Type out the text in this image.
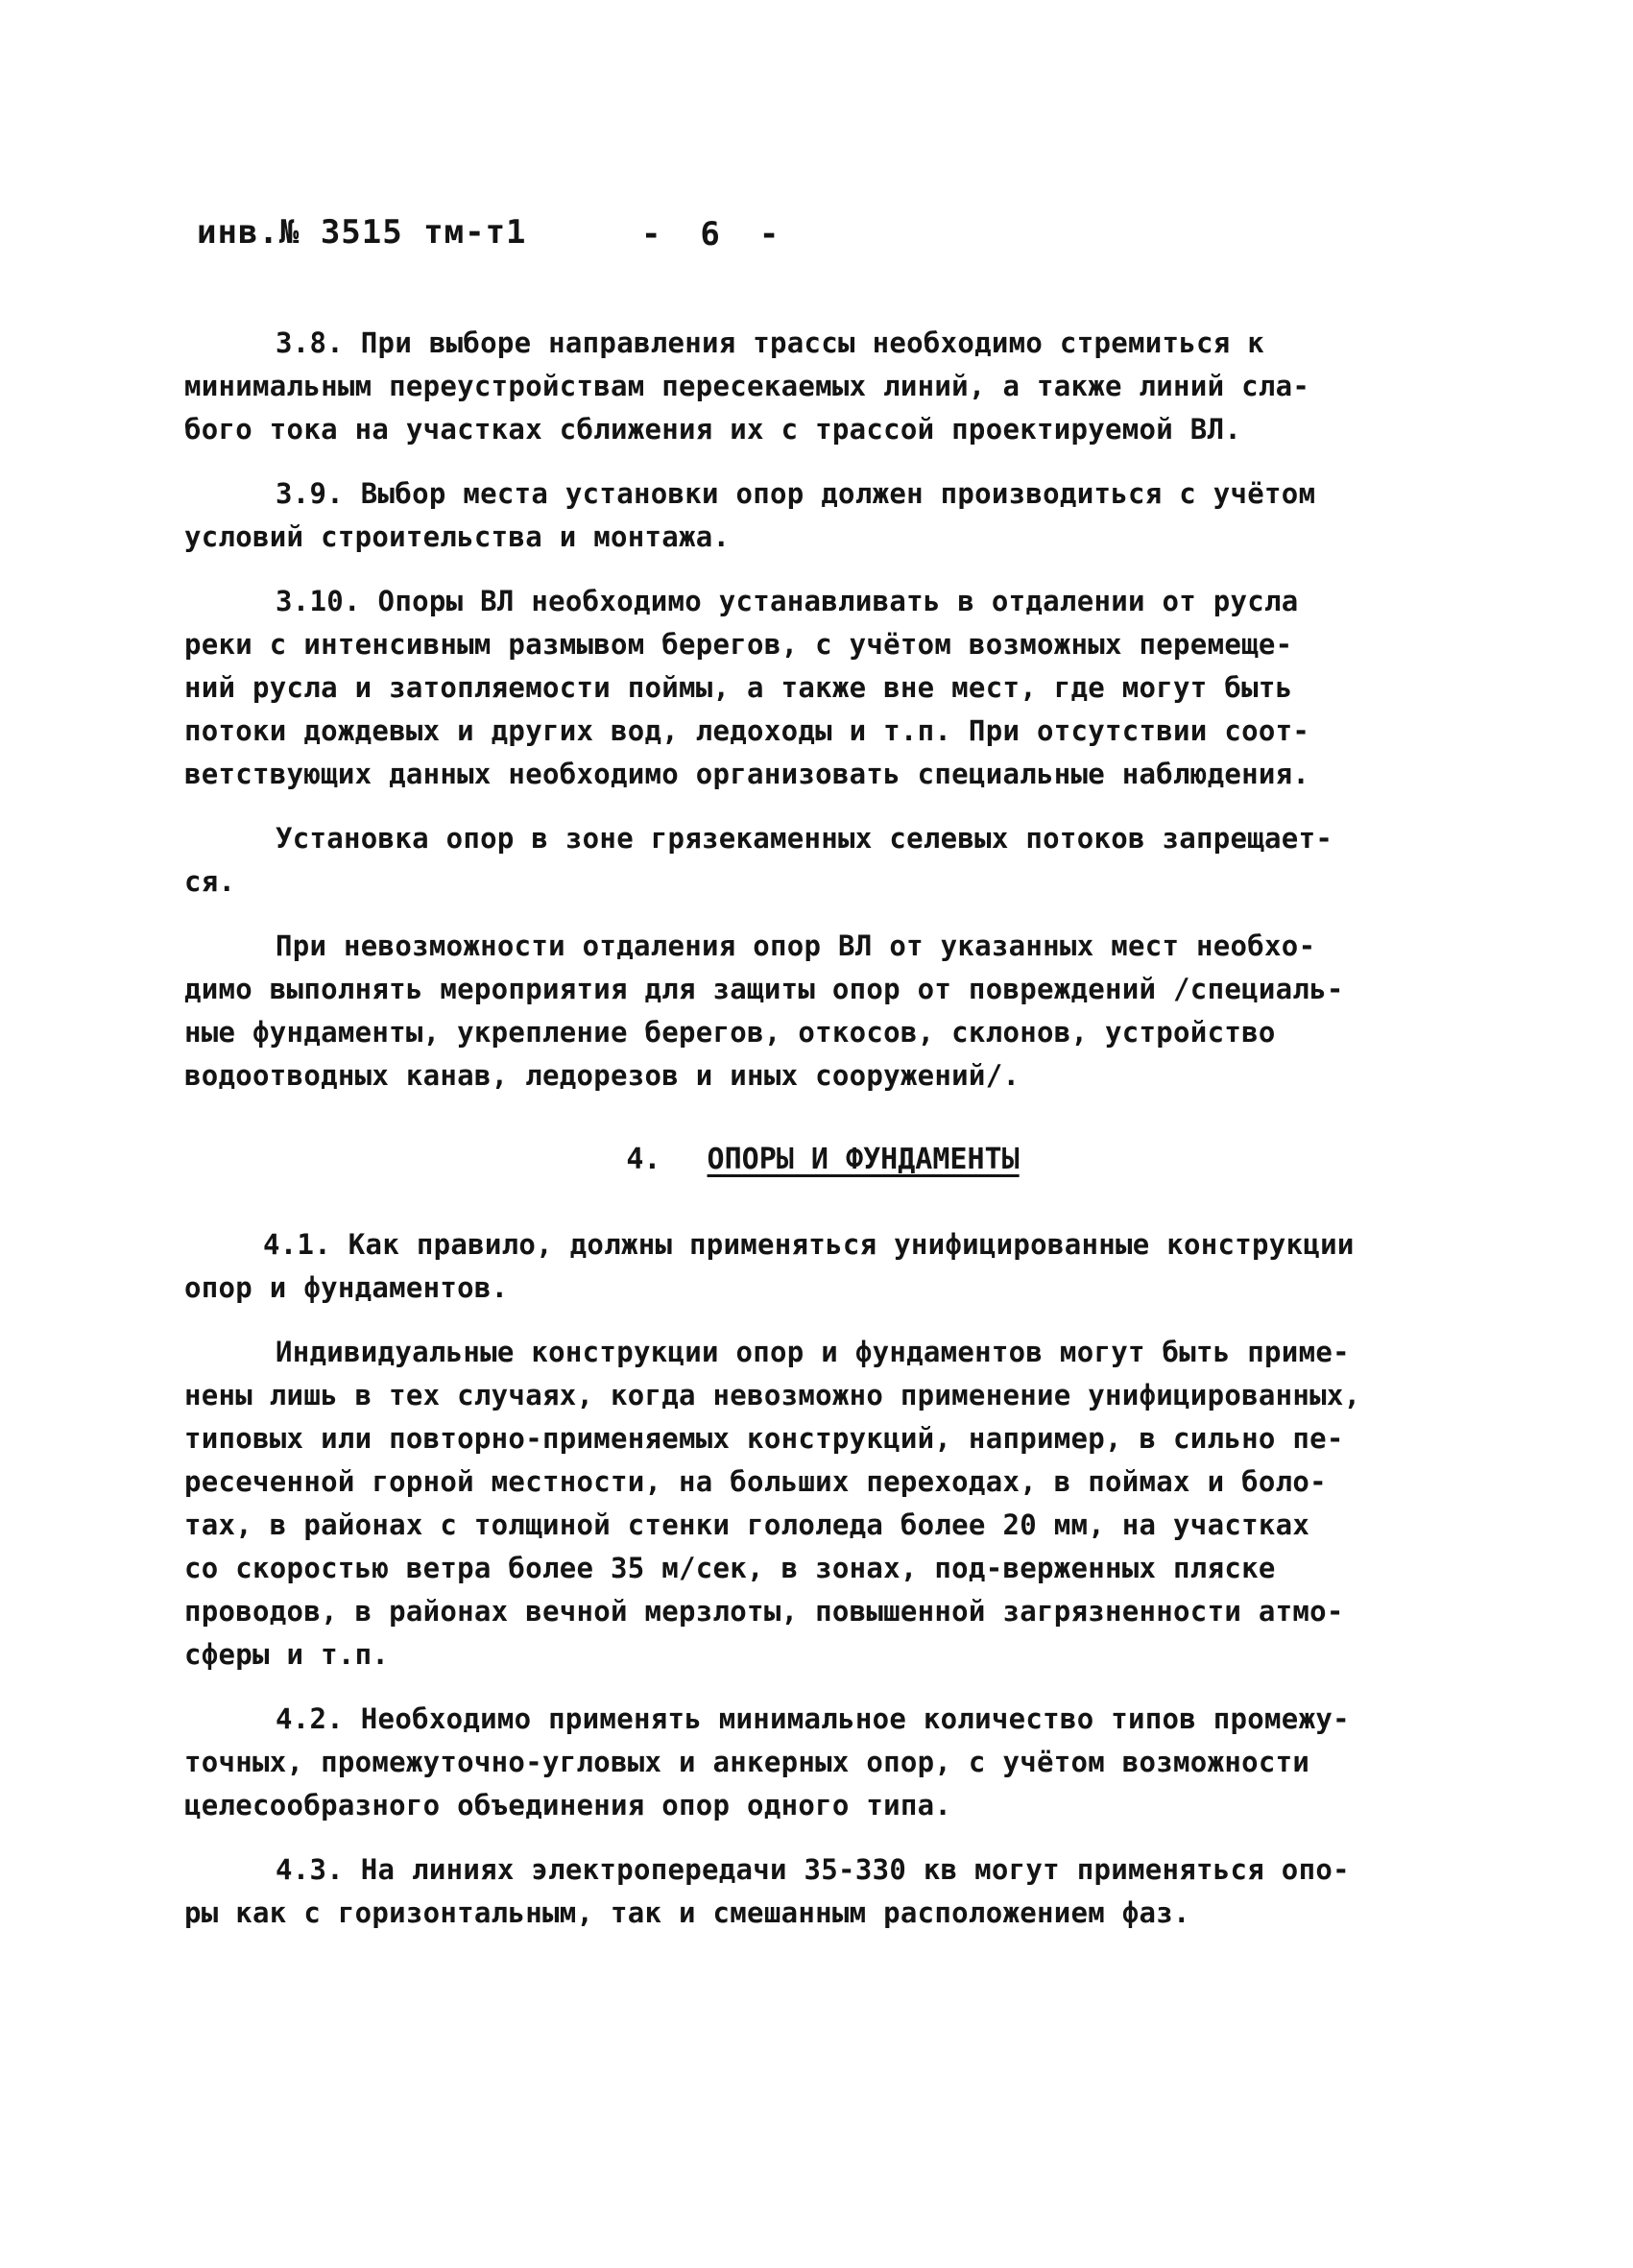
инв.№ 3515 тм-т1	-  6  -
3.8. При выборе направления трассы необходимо стремиться к
минимальным переустройствам пересекаемых линий, а также линий сла-
бого тока на участках сближения их с трассой проектируемой ВЛ.
3.9. Выбор места установки опор должен производиться с учётом
условий строительства и монтажа.
3.10. Опоры ВЛ необходимо устанавливать в отдалении от русла
реки с интенсивным размывом берегов, с учётом возможных перемеще-
ний русла и затопляемости поймы, а также вне мест, где могут быть
потоки дождевых и других вод, ледоходы и т.п. При отсутствии соот-
ветствующих данных необходимо организовать специальные наблюдения.
Установка опор в зоне грязекаменных селевых потоков запрещает-
ся.
При невозможности отдаления опор ВЛ от указанных мест необхо-
димо выполнять мероприятия для защиты опор от повреждений /специаль-
ные фундаменты, укрепление берегов, откосов, склонов, устройство
водоотводных канав, ледорезов и иных сооружений/.
4. ОПОРЫ И ФУНДАМЕНТЫ
4.1. Как правило, должны применяться унифицированные конструкции
опор и фундаментов.
Индивидуальные конструкции опор и фундаментов могут быть приме-
нены лишь в тех случаях, когда невозможно применение унифицированных,
типовых или повторно-применяемых конструкций, например, в сильно пе-
ресеченной горной местности, на больших переходах, в поймах и боло-
тах, в районах с толщиной стенки гололеда более 20 мм, на участках
со скоростью ветра более 35 м/сек, в зонах, под-верженных пляске
проводов, в районах вечной мерзлоты, повышенной загрязненности атмо-
сферы и т.п.
4.2. Необходимо применять минимальное количество типов промежу-
точных, промежуточно-угловых и анкерных опор, с учётом возможности
целесообразного объединения опор одного типа.
4.3. На линиях электропередачи 35-330 кв могут применяться опо-
ры как с горизонтальным, так и смешанным расположением фаз.
